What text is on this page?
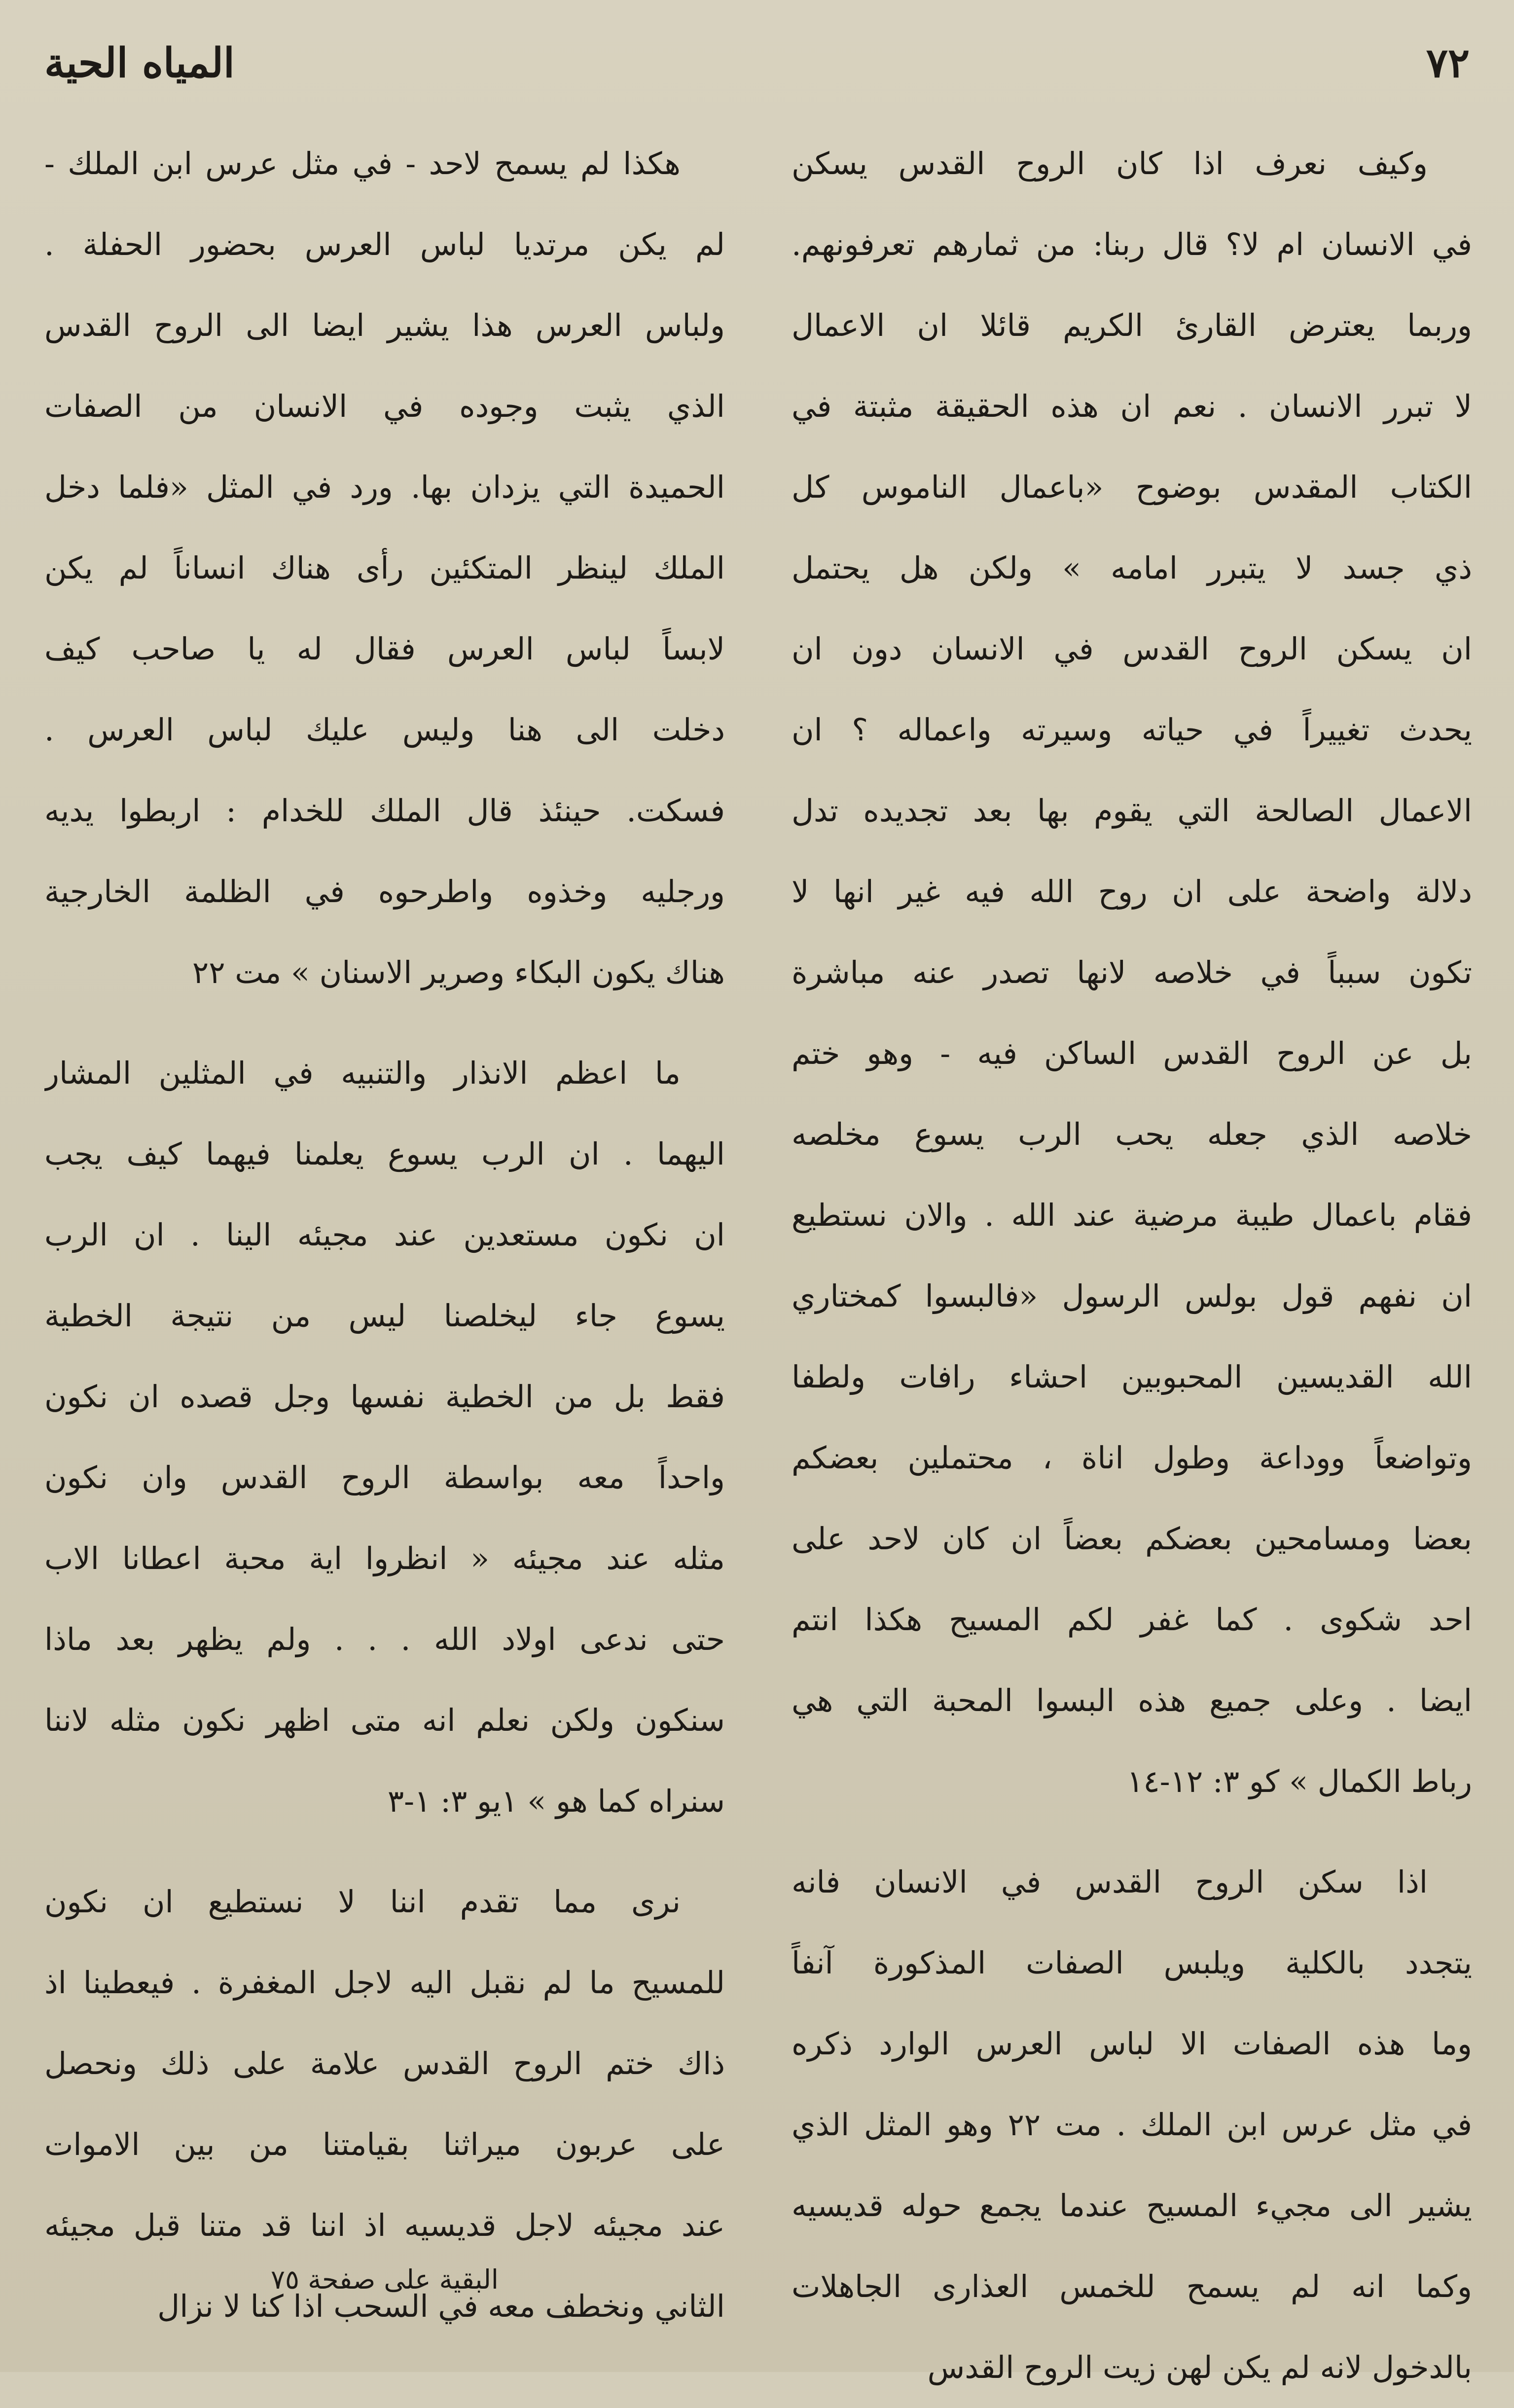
المياه الحية	٧٢
وكيف نعرف اذا كان الروح القدس يسكن
في الانسان ام لا؟ قال ربنا: من ثمارهم تعرفونهم.
وربما يعترض القارئ الكريم قائلا ان الاعمال
لا تبرر الانسان . نعم ان هذه الحقيقة مثبتة في
الكتاب المقدس بوضوح «باعمال الناموس كل
ذي جسد لا يتبرر امامه » ولكن هل يحتمل
ان يسكن الروح القدس في الانسان دون ان
يحدث تغييراً في حياته وسيرته واعماله ؟ ان
الاعمال الصالحة التي يقوم بها بعد تجديده تدل
دلالة واضحة على ان روح الله فيه غير انها لا
تكون سبباً في خلاصه لانها تصدر عنه مباشرة
بل عن الروح القدس الساكن فيه - وهو ختم
خلاصه الذي جعله يحب الرب يسوع مخلصه
فقام باعمال طيبة مرضية عند الله . والان نستطيع
ان نفهم قول بولس الرسول «فالبسوا كمختاري
الله القديسين المحبوبين احشاء رافات ولطفا
وتواضعاً ووداعة وطول اناة ، محتملين بعضكم
بعضا ومسامحين بعضكم بعضاً ان كان لاحد على
احد شكوى . كما غفر لكم المسيح هكذا انتم
ايضا . وعلى جميع هذه البسوا المحبة التي هي
رباط الكمال » كو ٣: ١٢-١٤
اذا سكن الروح القدس في الانسان فانه
يتجدد بالكلية ويلبس الصفات المذكورة آنفاً
وما هذه الصفات الا لباس العرس الوارد ذكره
في مثل عرس ابن الملك . مت ٢٢ وهو المثل الذي
يشير الى مجيء المسيح عندما يجمع حوله قديسيه
وكما انه لم يسمح للخمس العذارى الجاهلات
بالدخول لانه لم يكن لهن زيت الروح القدس
هكذا لم يسمح لاحد - في مثل عرس ابن الملك -
لم يكن مرتديا لباس العرس بحضور الحفلة .
ولباس العرس هذا يشير ايضا الى الروح القدس
الذي يثبت وجوده في الانسان من الصفات
الحميدة التي يزدان بها. ورد في المثل «فلما دخل
الملك لينظر المتكئين رأى هناك انساناً لم يكن
لابساً لباس العرس فقال له يا صاحب كيف
دخلت الى هنا وليس عليك لباس العرس .
فسكت. حينئذ قال الملك للخدام : اربطوا يديه
ورجليه وخذوه واطرحوه في الظلمة الخارجية
هناك يكون البكاء وصرير الاسنان » مت ٢٢
ما اعظم الانذار والتنبيه في المثلين المشار
اليهما . ان الرب يسوع يعلمنا فيهما كيف يجب
ان نكون مستعدين عند مجيئه الينا . ان الرب
يسوع جاء ليخلصنا ليس من نتيجة الخطية
فقط بل من الخطية نفسها وجل قصده ان نكون
واحداً معه بواسطة الروح القدس وان نكون
مثله عند مجيئه « انظروا اية محبة اعطانا الاب
حتى ندعى اولاد الله . . . ولم يظهر بعد ماذا
سنكون ولكن نعلم انه متى اظهر نكون مثله لاننا
سنراه كما هو » ١يو ٣: ١-٣
نرى مما تقدم اننا لا نستطيع ان نكون
للمسيح ما لم نقبل اليه لاجل المغفرة . فيعطينا اذ
ذاك ختم الروح القدس علامة على ذلك ونحصل
على عربون ميراثنا بقيامتنا من بين الاموات
عند مجيئه لاجل قديسيه اذ اننا قد متنا قبل مجيئه
الثاني ونخطف معه في السحب اذا كنا لا نزال
البقية على صفحة ٧٥
